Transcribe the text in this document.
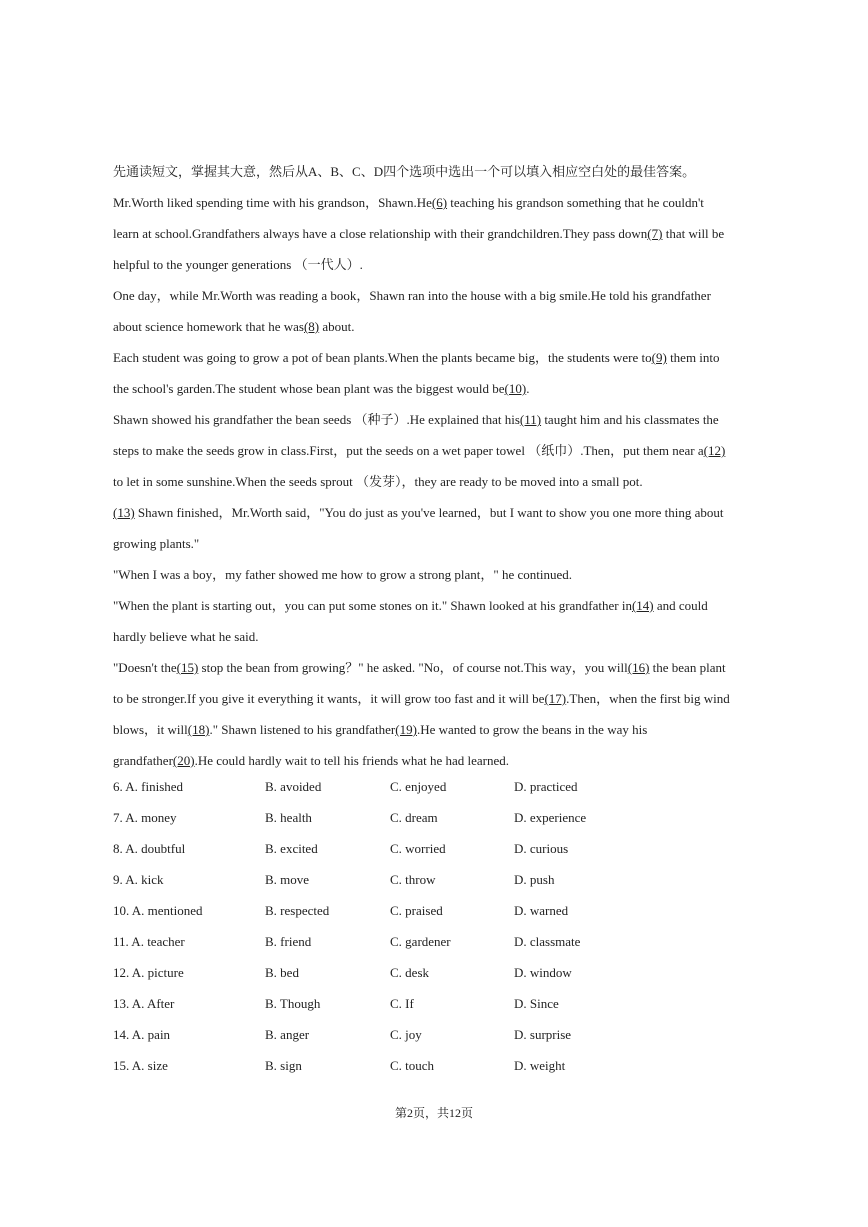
先通读短文，掌握其大意，然后从A、B、C、D四个选项中选出一个可以填入相应空白处的最佳答案。
Mr.Worth liked spending time with his grandson，Shawn.He(6) teaching his grandson something that he couldn't
learn at school.Grandfathers always have a close relationship with their grandchildren.They pass down(7) that will be
helpful to the younger generations （一代人）.
One day，while Mr.Worth was reading a book，Shawn ran into the house with a big smile.He told his grandfather
about science homework that he was(8) about.
Each student was going to grow a pot of bean plants.When the plants became big，the students were to(9) them into
the school's garden.The student whose bean plant was the biggest would be(10).
Shawn showed his grandfather the bean seeds （种子）.He explained that his(11) taught him and his classmates the
steps to make the seeds grow in class.First，put the seeds on a wet paper towel （纸巾）.Then，put them near a(12)
to let in some sunshine.When the seeds sprout （发芽），they are ready to be moved into a small pot.
(13) Shawn finished，Mr.Worth said，"You do just as you've learned，but I want to show you one more thing about
growing plants."
"When I was a boy，my father showed me how to grow a strong plant，" he continued.
"When the plant is starting out，you can put some stones on it." Shawn looked at his grandfather in(14) and could
hardly believe what he said.
"Doesn't the(15) stop the bean from growing？" he asked. "No，of course not.This way，you will(16) the bean plant
to be stronger.If you give it everything it wants，it will grow too fast and it will be(17).Then，when the first big wind
blows，it will(18)." Shawn listened to his grandfather(19).He wanted to grow the beans in the way his
grandfather(20).He could hardly wait to tell his friends what he had learned.
6. A. finished	B. avoided	C. enjoyed	D. practiced
7. A. money	B. health	C. dream	D. experience
8. A. doubtful	B. excited	C. worried	D. curious
9. A. kick	B. move	C. throw	D. push
10. A. mentioned	B. respected	C. praised	D. warned
11. A. teacher	B. friend	C. gardener	D. classmate
12. A. picture	B. bed	C. desk	D. window
13. A. After	B. Though	C. If	D. Since
14. A. pain	B. anger	C. joy	D. surprise
15. A. size	B. sign	C. touch	D. weight
第2页，共12页
